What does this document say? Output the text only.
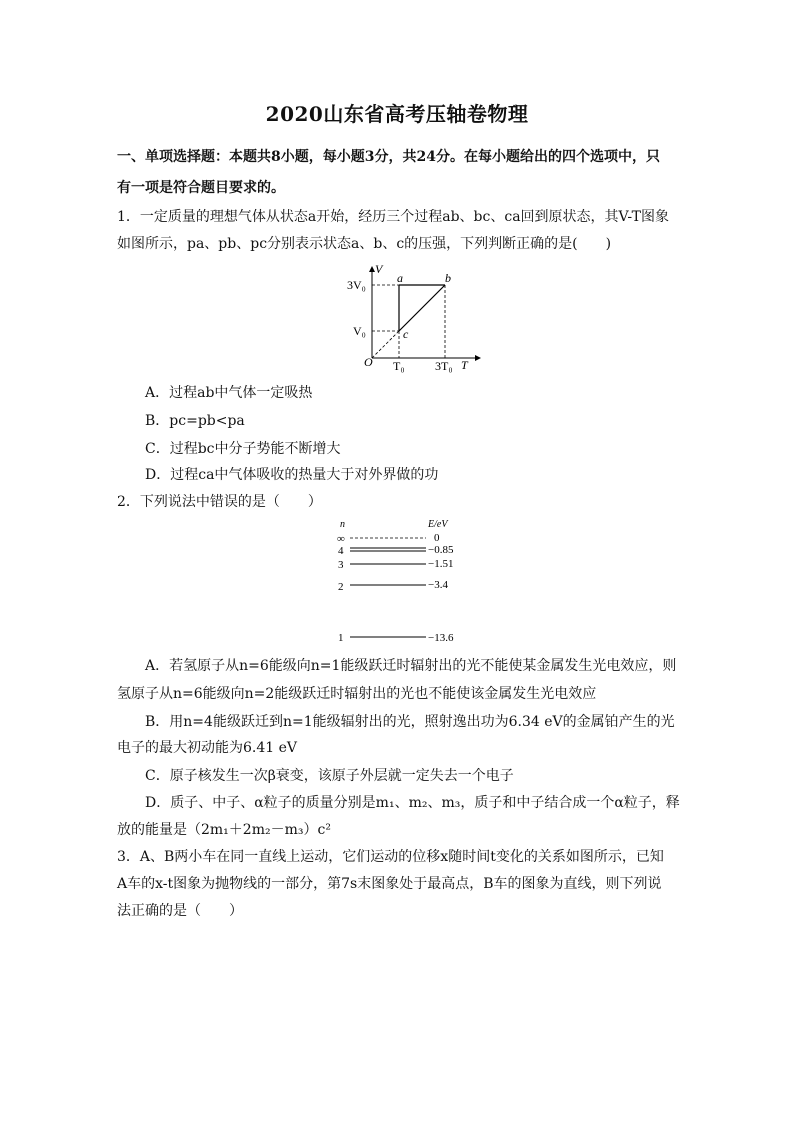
2020山东省高考压轴卷物理
一、单项选择题：本题共8小题，每小题3分，共24分。在每小题给出的四个选项中，只
有一项是符合题目要求的。
1．一定质量的理想气体从状态a开始，经历三个过程ab、bc、ca回到原状态，其V-T图象
如图所示，pa、pb、pc分别表示状态a、b、c的压强，下列判断正确的是(　　)
V
T
O
3V₀
V₀
T₀	3T₀
a	b
c
A．过程ab中气体一定吸热
B．pc=pb<pa
C．过程bc中分子势能不断增大
D．过程ca中气体吸收的热量大于对外界做的功
2．下列说法中错误的是（　　）
n	E/eV
∞
4
3
2
1
0
−0.85
−1.51
−3.4
−13.6
A．若氢原子从n=6能级向n=1能级跃迁时辐射出的光不能使某金属发生光电效应，则
氢原子从n=6能级向n=2能级跃迁时辐射出的光也不能使该金属发生光电效应
B．用n=4能级跃迁到n=1能级辐射出的光，照射逸出功为6.34 eV的金属铂产生的光
电子的最大初动能为6.41 eV
C．原子核发生一次β衰变，该原子外层就一定失去一个电子
D．质子、中子、α粒子的质量分别是m₁、m₂、m₃，质子和中子结合成一个α粒子，释
放的能量是（2m₁＋2m₂－m₃）c²
3．A、B两小车在同一直线上运动，它们运动的位移x随时间t变化的关系如图所示，已知
A车的x-t图象为抛物线的一部分，第7s末图象处于最高点，B车的图象为直线，则下列说
法正确的是（　　）
